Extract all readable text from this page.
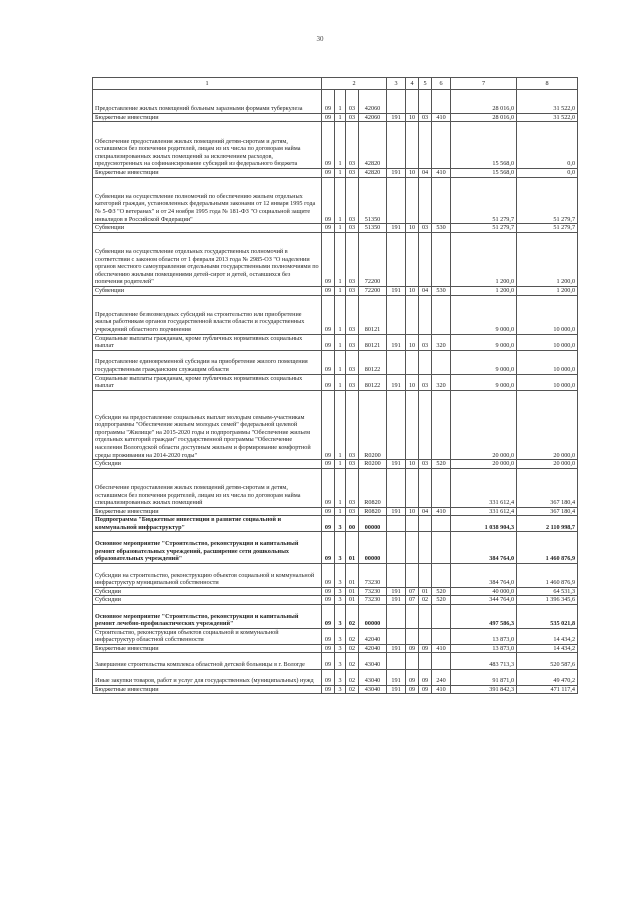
30
1	2				3	4	5	6	7	8
Предоставление жилых помещений больным заразными формами туберкулеза	09	1	03	42060					28 016,0	31 522,0
Бюджетные инвестиции	09	1	03	42060	191	10	03	410	28 016,0	31 522,0
Обеспечение предоставления жилых помещений детям-сиротам и детям, оставшимся без попечения родителей, лицам из их числа по договорам найма специализированных жилых помещений за исключением расходов, предусмотренных на софинансирование субсидий из федерального бюджета	09	1	03	42820					15 568,0	0,0
Бюджетные инвестиции	09	1	03	42820	191	10	04	410	15 568,0	0,0
Субвенции на осуществление полномочий по обеспечению жильем отдельных категорий граждан, установленных федеральными законами от 12 января 1995 года № 5-ФЗ "О ветеранах" и от 24 ноября 1995 года № 181-ФЗ "О социальной защите инвалидов в Российской Федерации"	09	1	03	51350					51 279,7	51 279,7
Субвенции	09	1	03	51350	191	10	03	530	51 279,7	51 279,7
Субвенции на осуществление отдельных государственных полномочий в соответствии с законом области от 1 февраля 2013 года № 2985-ОЗ "О наделении органов местного самоуправления отдельными государственными полномочиями по обеспечению жилыми помещениями детей-сирот и детей, оставшихся без попечения родителей"	09	1	03	72200					1 200,0	1 200,0
Субвенции	09	1	03	72200	191	10	04	530	1 200,0	1 200,0
Предоставление безвозмездных субсидий на строительство или приобретение жилья работникам органов государственной власти области и государственных учреждений областного подчинения	09	1	03	80121					9 000,0	10 000,0
Социальные выплаты гражданам, кроме публичных нормативных социальных выплат	09	1	03	80121	191	10	03	320	9 000,0	10 000,0
Предоставление единовременной субсидии на приобретение жилого помещения государственным гражданским служащим области	09	1	03	80122					9 000,0	10 000,0
Социальные выплаты гражданам, кроме публичных нормативных социальных выплат	09	1	03	80122	191	10	03	320	9 000,0	10 000,0
Субсидии на предоставление социальных выплат молодым семьям-участникам подпрограммы "Обеспечение жильем молодых семей" федеральной целевой программы "Жилище" на 2015-2020 годы и подпрограммы "Обеспечение жильем отдельных категорий граждан" государственной программы "Обеспечение населения Вологодской области доступным жильем и формирование комфортной среды проживания на 2014-2020 годы"	09	1	03	R0200					20 000,0	20 000,0
Субсидии	09	1	03	R0200	191	10	03	520	20 000,0	20 000,0
Обеспечение предоставления жилых помещений детям-сиротам и детям, оставшимся без попечения родителей, лицам из их числа по договорам найма специализированных жилых помещений	09	1	03	R0820					331 612,4	367 180,4
Бюджетные инвестиции	09	1	03	R0820	191	10	04	410	331 612,4	367 180,4
Подпрограмма "Бюджетные инвестиции в развитие социальной и коммунальной инфраструктур"	09	3	00	00000					1 038 904,3	2 110 998,7
Основное мероприятие "Строительство, реконструкция и капитальный ремонт образовательных учреждений, расширение сети дошкольных образовательных учреждений"	09	3	01	00000					384 764,0	1 460 876,9
Субсидии на строительство, реконструкцию объектов социальной и коммунальной инфраструктур муниципальной собственности	09	3	01	73230					384 764,0	1 460 876,9
Субсидии	09	3	01	73230	191	07	01	520	40 000,0	64 531,3
Субсидии	09	3	01	73230	191	07	02	520	344 764,0	1 396 345,6
Основное мероприятие "Строительство, реконструкция и капитальный ремонт лечебно-профилактических учреждений"	09	3	02	00000					497 586,3	535 021,8
Строительство, реконструкция объектов социальной и коммунальной инфраструктур областной собственности	09	3	02	42040					13 873,0	14 434,2
Бюджетные инвестиции	09	3	02	42040	191	09	09	410	13 873,0	14 434,2
Завершение строительства комплекса областной детской больницы в г. Вологде	09	3	02	43040					483 713,3	520 587,6
Иные закупки товаров, работ и услуг для государственных (муниципальных) нужд	09	3	02	43040	191	09	09	240	91 871,0	49 470,2
Бюджетные инвестиции	09	3	02	43040	191	09	09	410	391 842,3	471 117,4
